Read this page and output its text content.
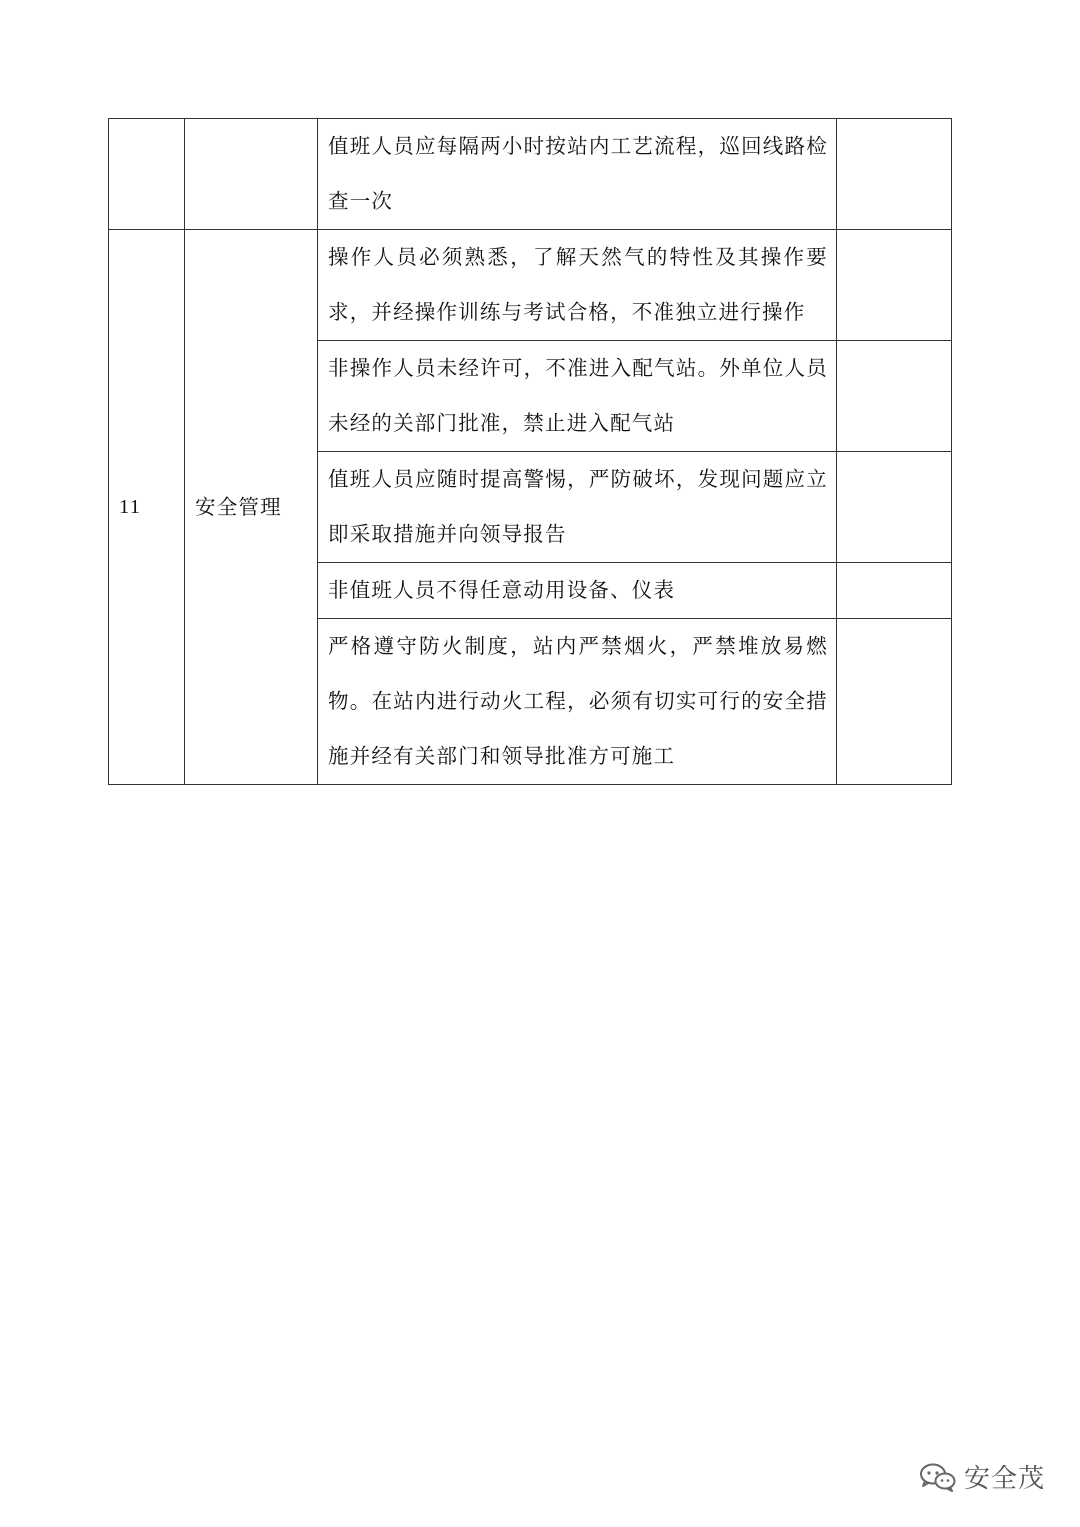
		值班人员应每隔两小时按站内工艺流程，巡回线路检查一次	
11	安全管理	操作人员必须熟悉，了解天然气的特性及其操作要求，并经操作训练与考试合格，不准独立进行操作	
		非操作人员未经许可，不准进入配气站。外单位人员未经的关部门批准，禁止进入配气站	
		值班人员应随时提高警惕，严防破坏，发现问题应立即采取措施并向领导报告	
		非值班人员不得任意动用设备、仪表	
		严格遵守防火制度，站内严禁烟火，严禁堆放易燃物。在站内进行动火工程，必须有切实可行的安全措施并经有关部门和领导批准方可施工	
安全茂
